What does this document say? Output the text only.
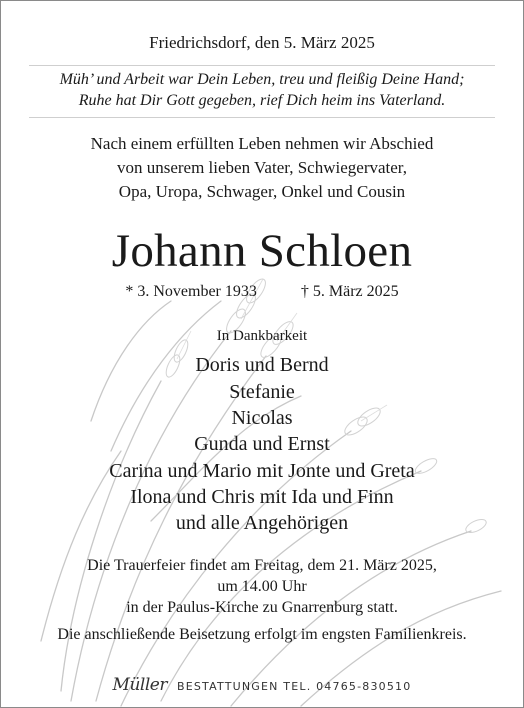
Friedrichsdorf, den 5. März 2025
Müh’ und Arbeit war Dein Leben, treu und fleißig Deine Hand;
Ruhe hat Dir Gott gegeben, rief Dich heim ins Vaterland.
Nach einem erfüllten Leben nehmen wir Abschied
von unserem lieben Vater, Schwiegervater,
Opa, Uropa, Schwager, Onkel und Cousin
Johann Schloen
* 3. November 1933	† 5. März 2025
In Dankbarkeit
Doris und Bernd
Stefanie
Nicolas
Gunda und Ernst
Carina und Mario mit Jonte und Greta
Ilona und Chris mit Ida und Finn
und alle Angehörigen
Die Trauerfeier findet am Freitag, dem 21. März 2025,
um 14.00 Uhr
in der Paulus-Kirche zu Gnarrenburg statt.
Die anschließende Beisetzung erfolgt im engsten Familienkreis.
Müller BESTATTUNGEN TEL. 04765-830510
